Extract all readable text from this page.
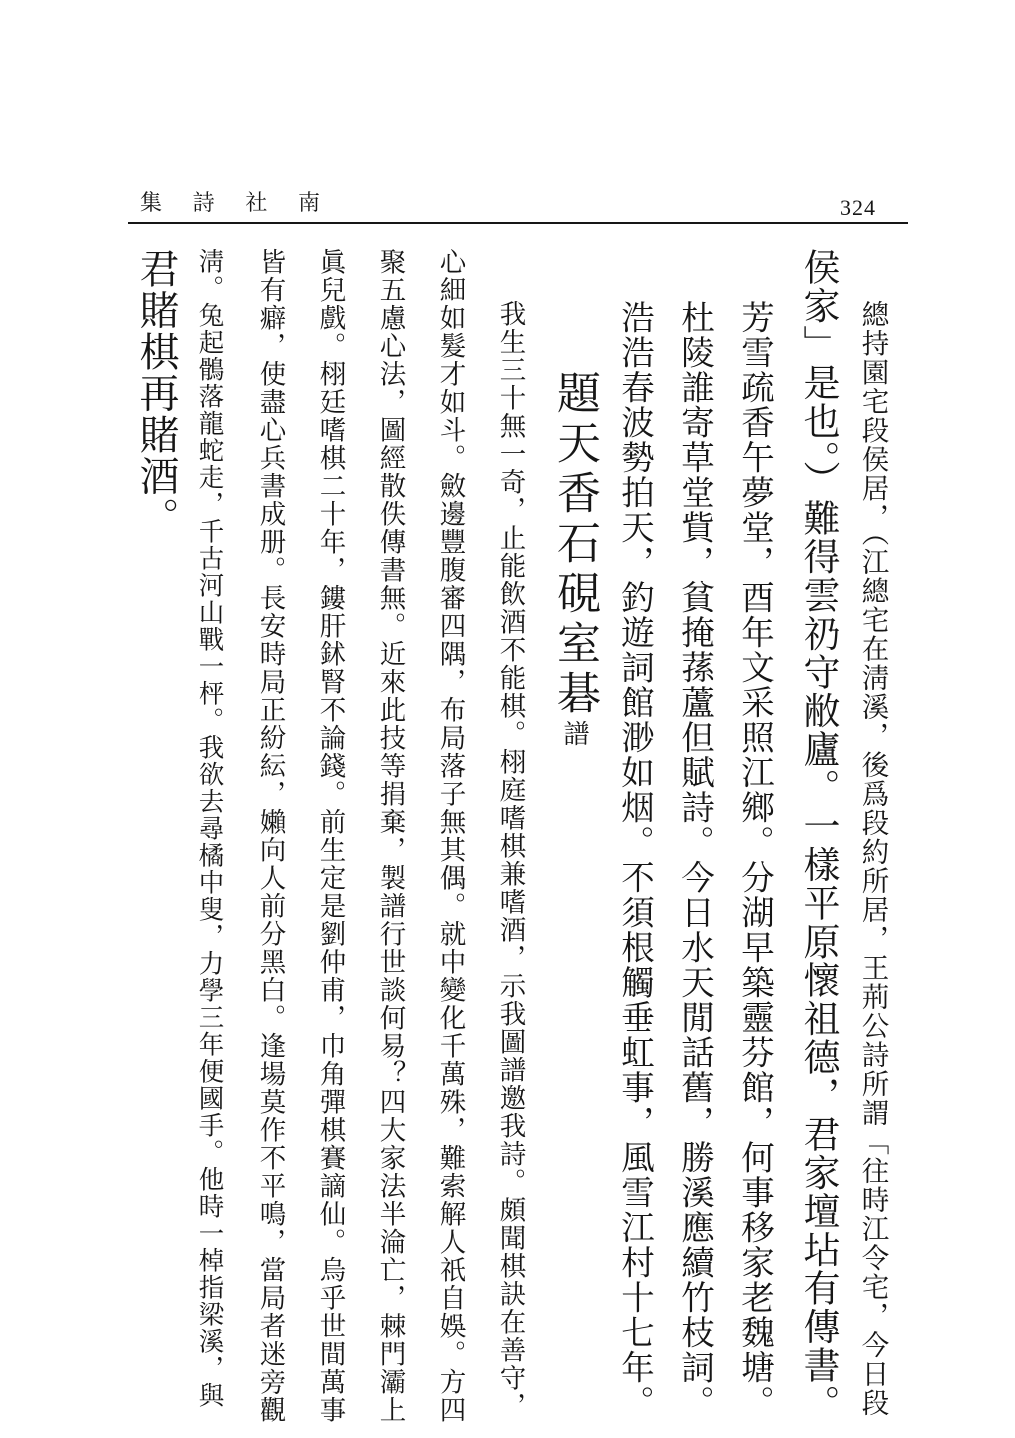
324
集 詩 社 南
總持園宅段侯居，（江總宅在淸溪，後爲段約所居，王荊公詩所謂「往時江令宅，今日段
侯家」是也。）難得雲礽守敝廬。一樣平原懷祖德，君家壇坫有傳書。
芳雪疏香午夢堂，酉年文采照江鄉。分湖早築靈芬館，何事移家老魏塘。
杜陵誰寄草堂貲，貧掩蓀蘆但賦詩。今日水天閒話舊，勝溪應續竹枝詞。
浩浩春波勢拍天，釣遊詞館渺如烟。不須根觸垂虹事，風雪江村十七年。
題天香石硯室碁譜
我生三十無一奇，止能飲酒不能棋。栩庭嗜棋兼嗜酒，示我圖譜邀我詩。頗聞棋訣在善守，
心細如髮才如斗。斂邊豐腹審四隅，布局落子無其偶。就中變化千萬殊，難索解人祇自娛。方四
聚五慮心法，圖經散佚傳書無。近來此技等捐棄，製譜行世談何易？四大家法半淪亡，棘門灞上
眞兒戲。栩廷嗜棋二十年，鏤肝鉥腎不論錢。前生定是劉仲甫，巾角彈棋賽謫仙。烏乎世間萬事
皆有癖，使盡心兵書成册。長安時局正紛紜，嬾向人前分黑白。逢場莫作不平鳴，當局者迷旁觀
淸。兔起鶻落龍蛇走，千古河山戰一枰。我欲去尋橘中叟，力學三年便國手。他時一棹指梁溪，與
君賭棋再賭酒。
